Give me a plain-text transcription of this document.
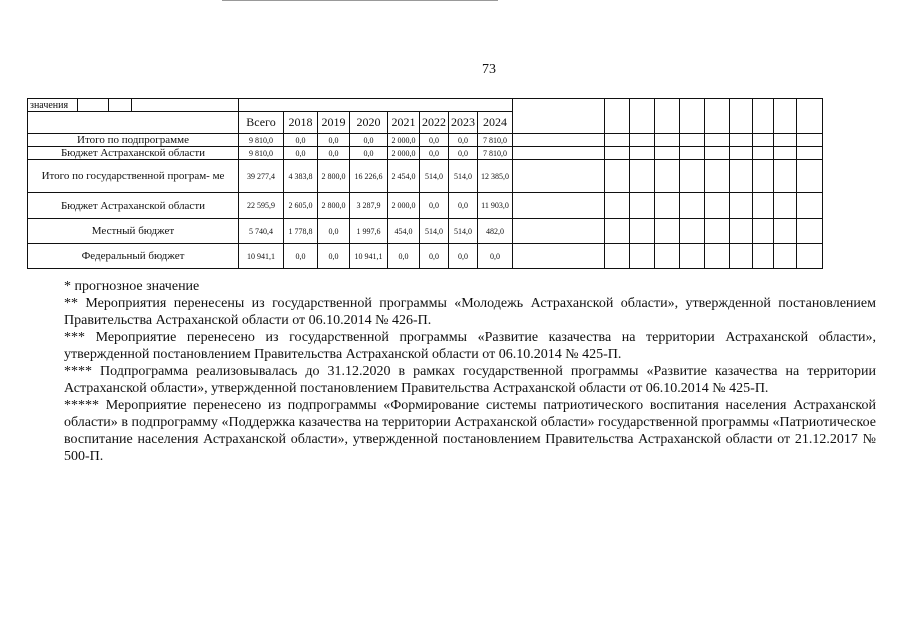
73
значения																					
				Всего	2018	2019	2020	2021	2022	2023	2024										
Итого по подпрограмме				9 810,0	0,0	0,0	0,0	2 000,0	0,0	0,0	7 810,0										
Бюджет Астраханской области				9 810,0	0,0	0,0	0,0	2 000,0	0,0	0,0	7 810,0										
Итого по государственной програм- ме				39 277,4	4 383,8	2 800,0	16 226,6	2 454,0	514,0	514,0	12 385,0										
Бюджет Астраханской области				22 595,9	2 605,0	2 800,0	3 287,9	2 000,0	0,0	0,0	11 903,0										
Местный бюджет				5 740,4	1 778,8	0,0	1 997,6	454,0	514,0	514,0	482,0										
Федеральный бюджет				10 941,1	0,0	0,0	10 941,1	0,0	0,0	0,0	0,0										

* прогнозное значение

** Мероприятия перенесены из государственной программы «Молодежь Астраханской области», утвержденной постановлением Правительства Астраханской области от 06.10.2014 № 426-П.

*** Мероприятие перенесено из государственной программы «Развитие казачества на территории Астраханской области», утвержденной постановлением Правительства Астраханской области от 06.10.2014 № 425-П.

**** Подпрограмма реализовывалась до 31.12.2020 в рамках государственной программы «Развитие казачества на территории Астраханской области», утвержденной постановлением Правительства Астраханской области от 06.10.2014 № 425-П.

***** Мероприятие перенесено из подпрограммы «Формирование системы патриотического воспитания населения Астраханской области» в подпрограмму «Поддержка казачества на территории Астраханской области» государственной программы «Патриотическое воспитание населения Астраханской области», утвержденной постановлением Правительства Астраханской области от 21.12.2017 № 500-П.
